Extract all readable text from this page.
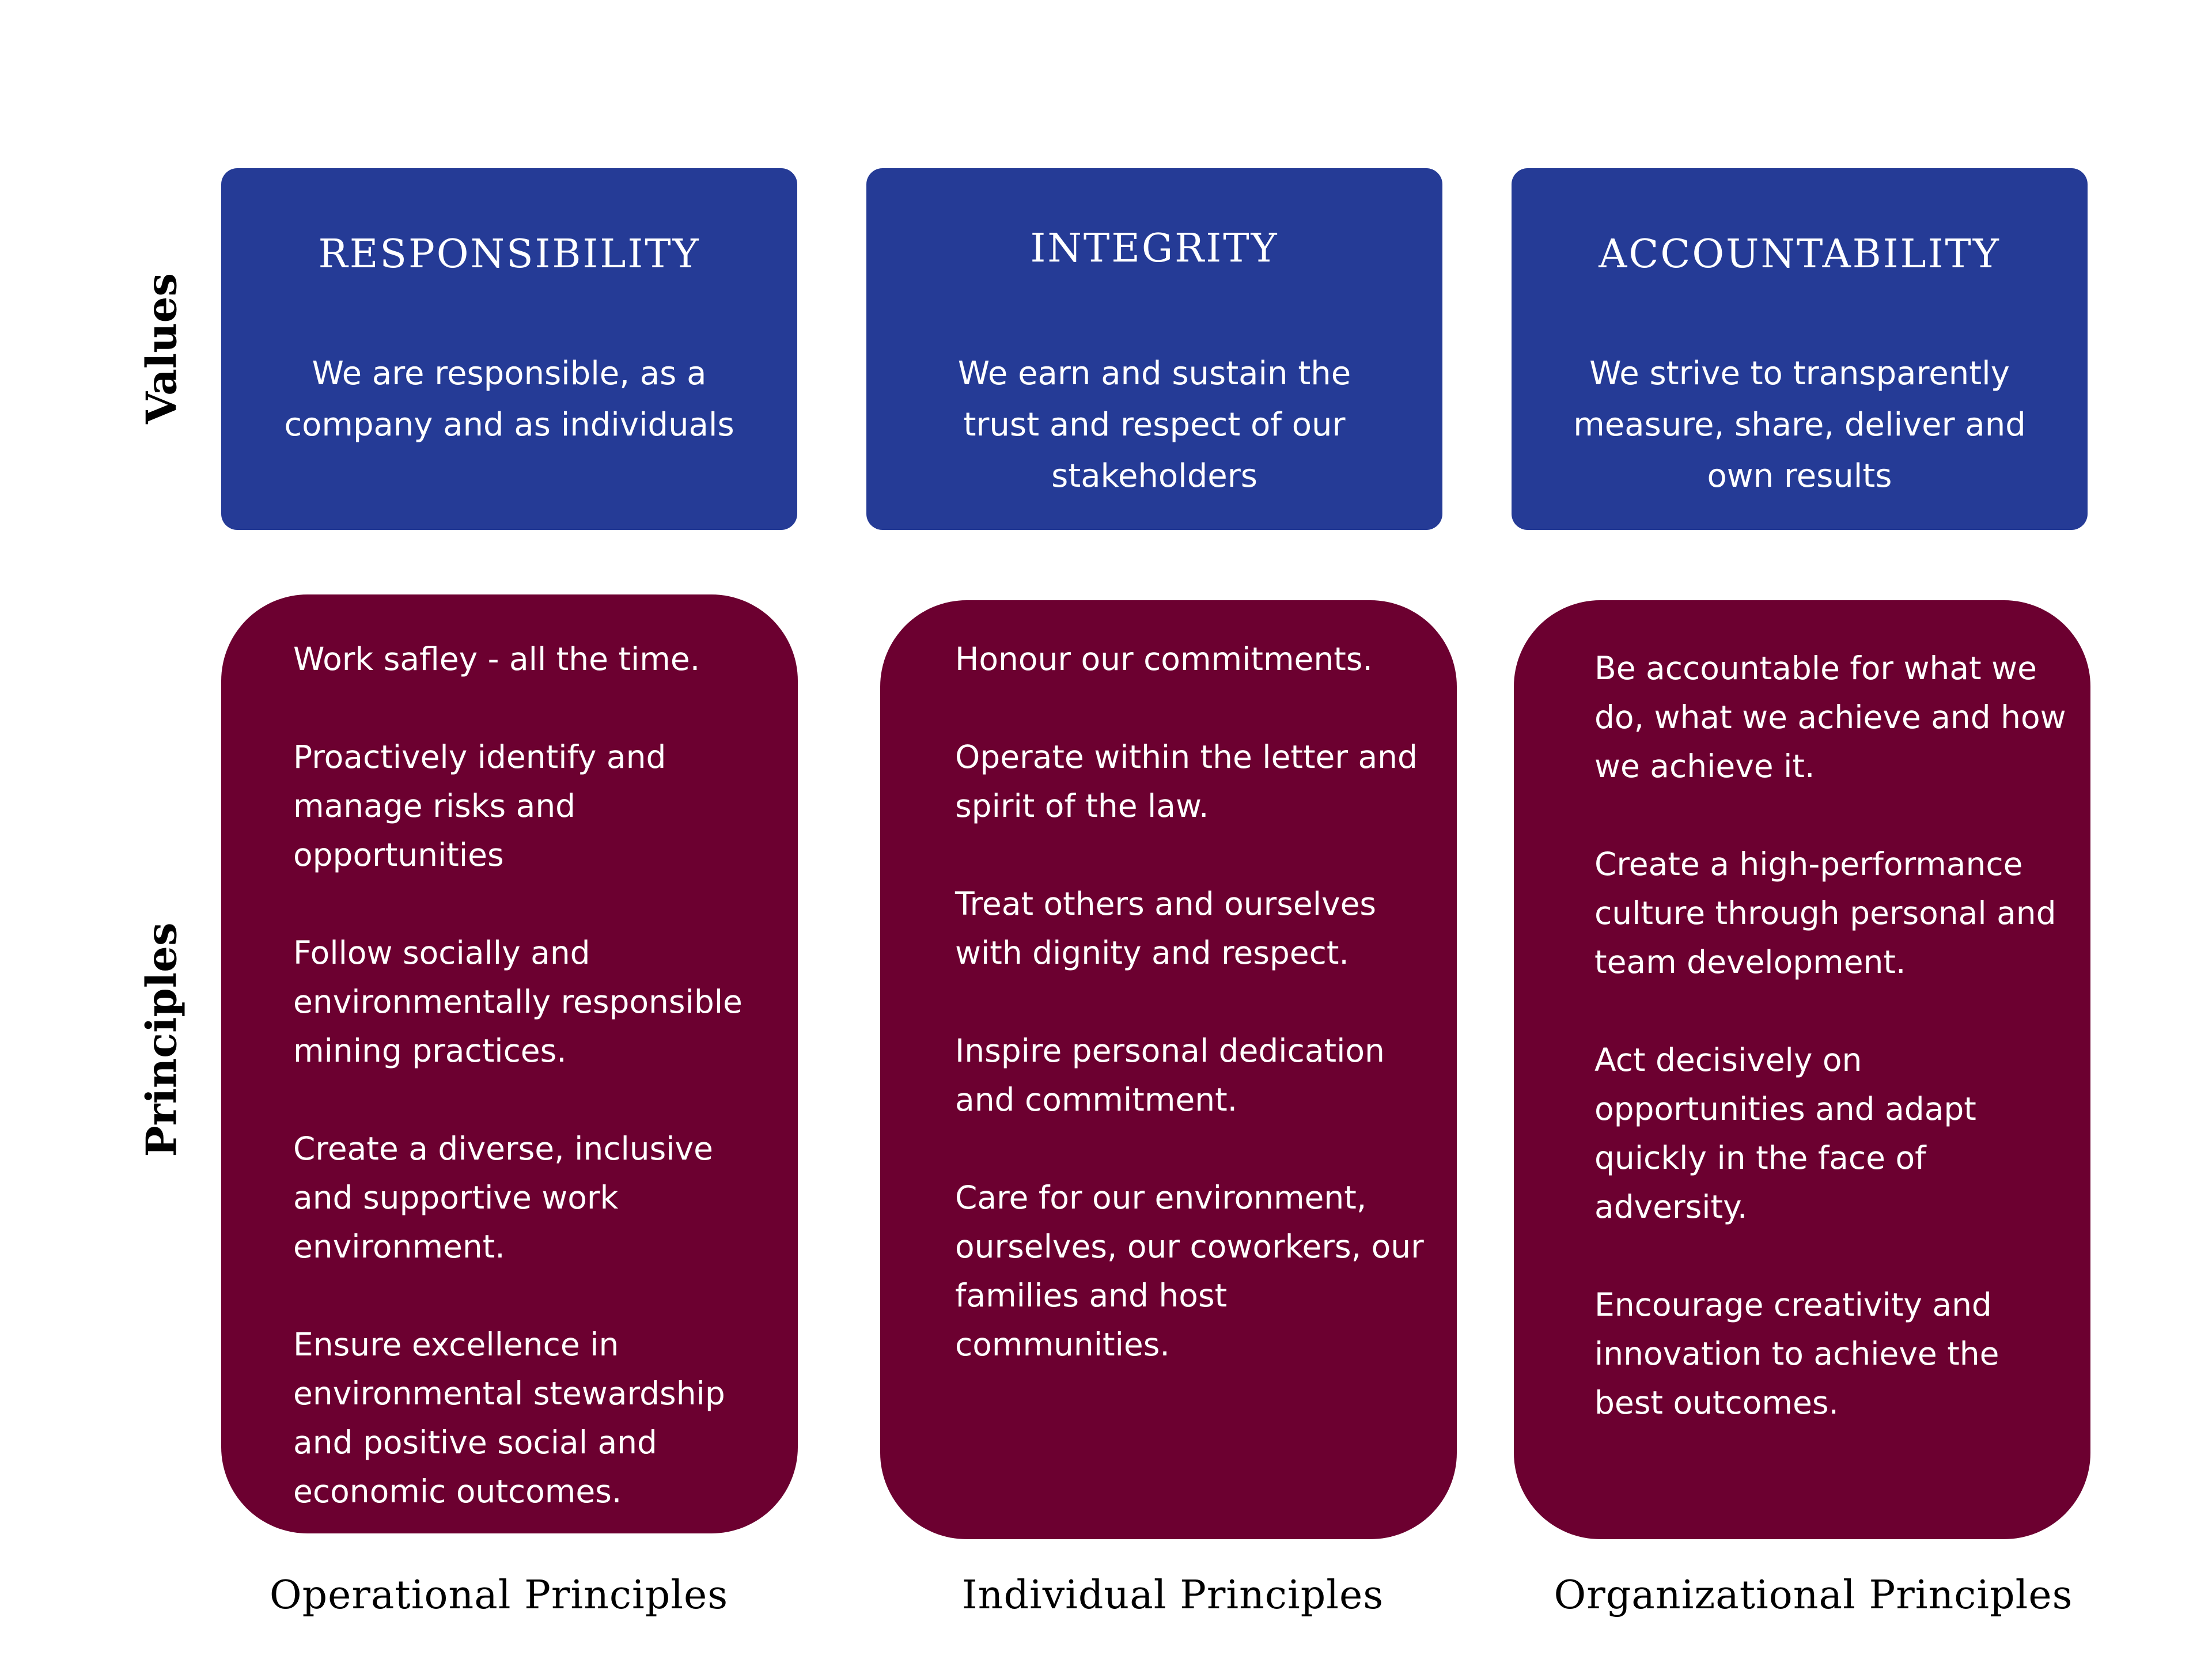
Values
Principles
RESPONSIBILITY
We are responsible, as a company and as individuals
INTEGRITY
We earn and sustain the trust and respect of our stakeholders
ACCOUNTABILITY
We strive to transparently measure, share, deliver and own results
Work safley - all the time.
Proactively identify and manage risks and opportunities
Follow socially and environmentally responsible mining practices.
Create a diverse, inclusive and supportive work environment.
Ensure excellence in environmental stewardship and positive social and economic outcomes.
Honour our commitments.
Operate within the letter and spirit of the law.
Treat others and ourselves with dignity and respect.
Inspire personal dedication and commitment.
Care for our environment, ourselves, our coworkers, our families and host communities.
Be accountable for what we do, what we achieve and how we achieve it.
Create a high-performance culture through personal and team development.
Act decisively on opportunities and adapt quickly in the face of adversity.
Encourage creativity and innovation to achieve the best outcomes.
Operational Principles	Individual Principles	Organizational Principles
